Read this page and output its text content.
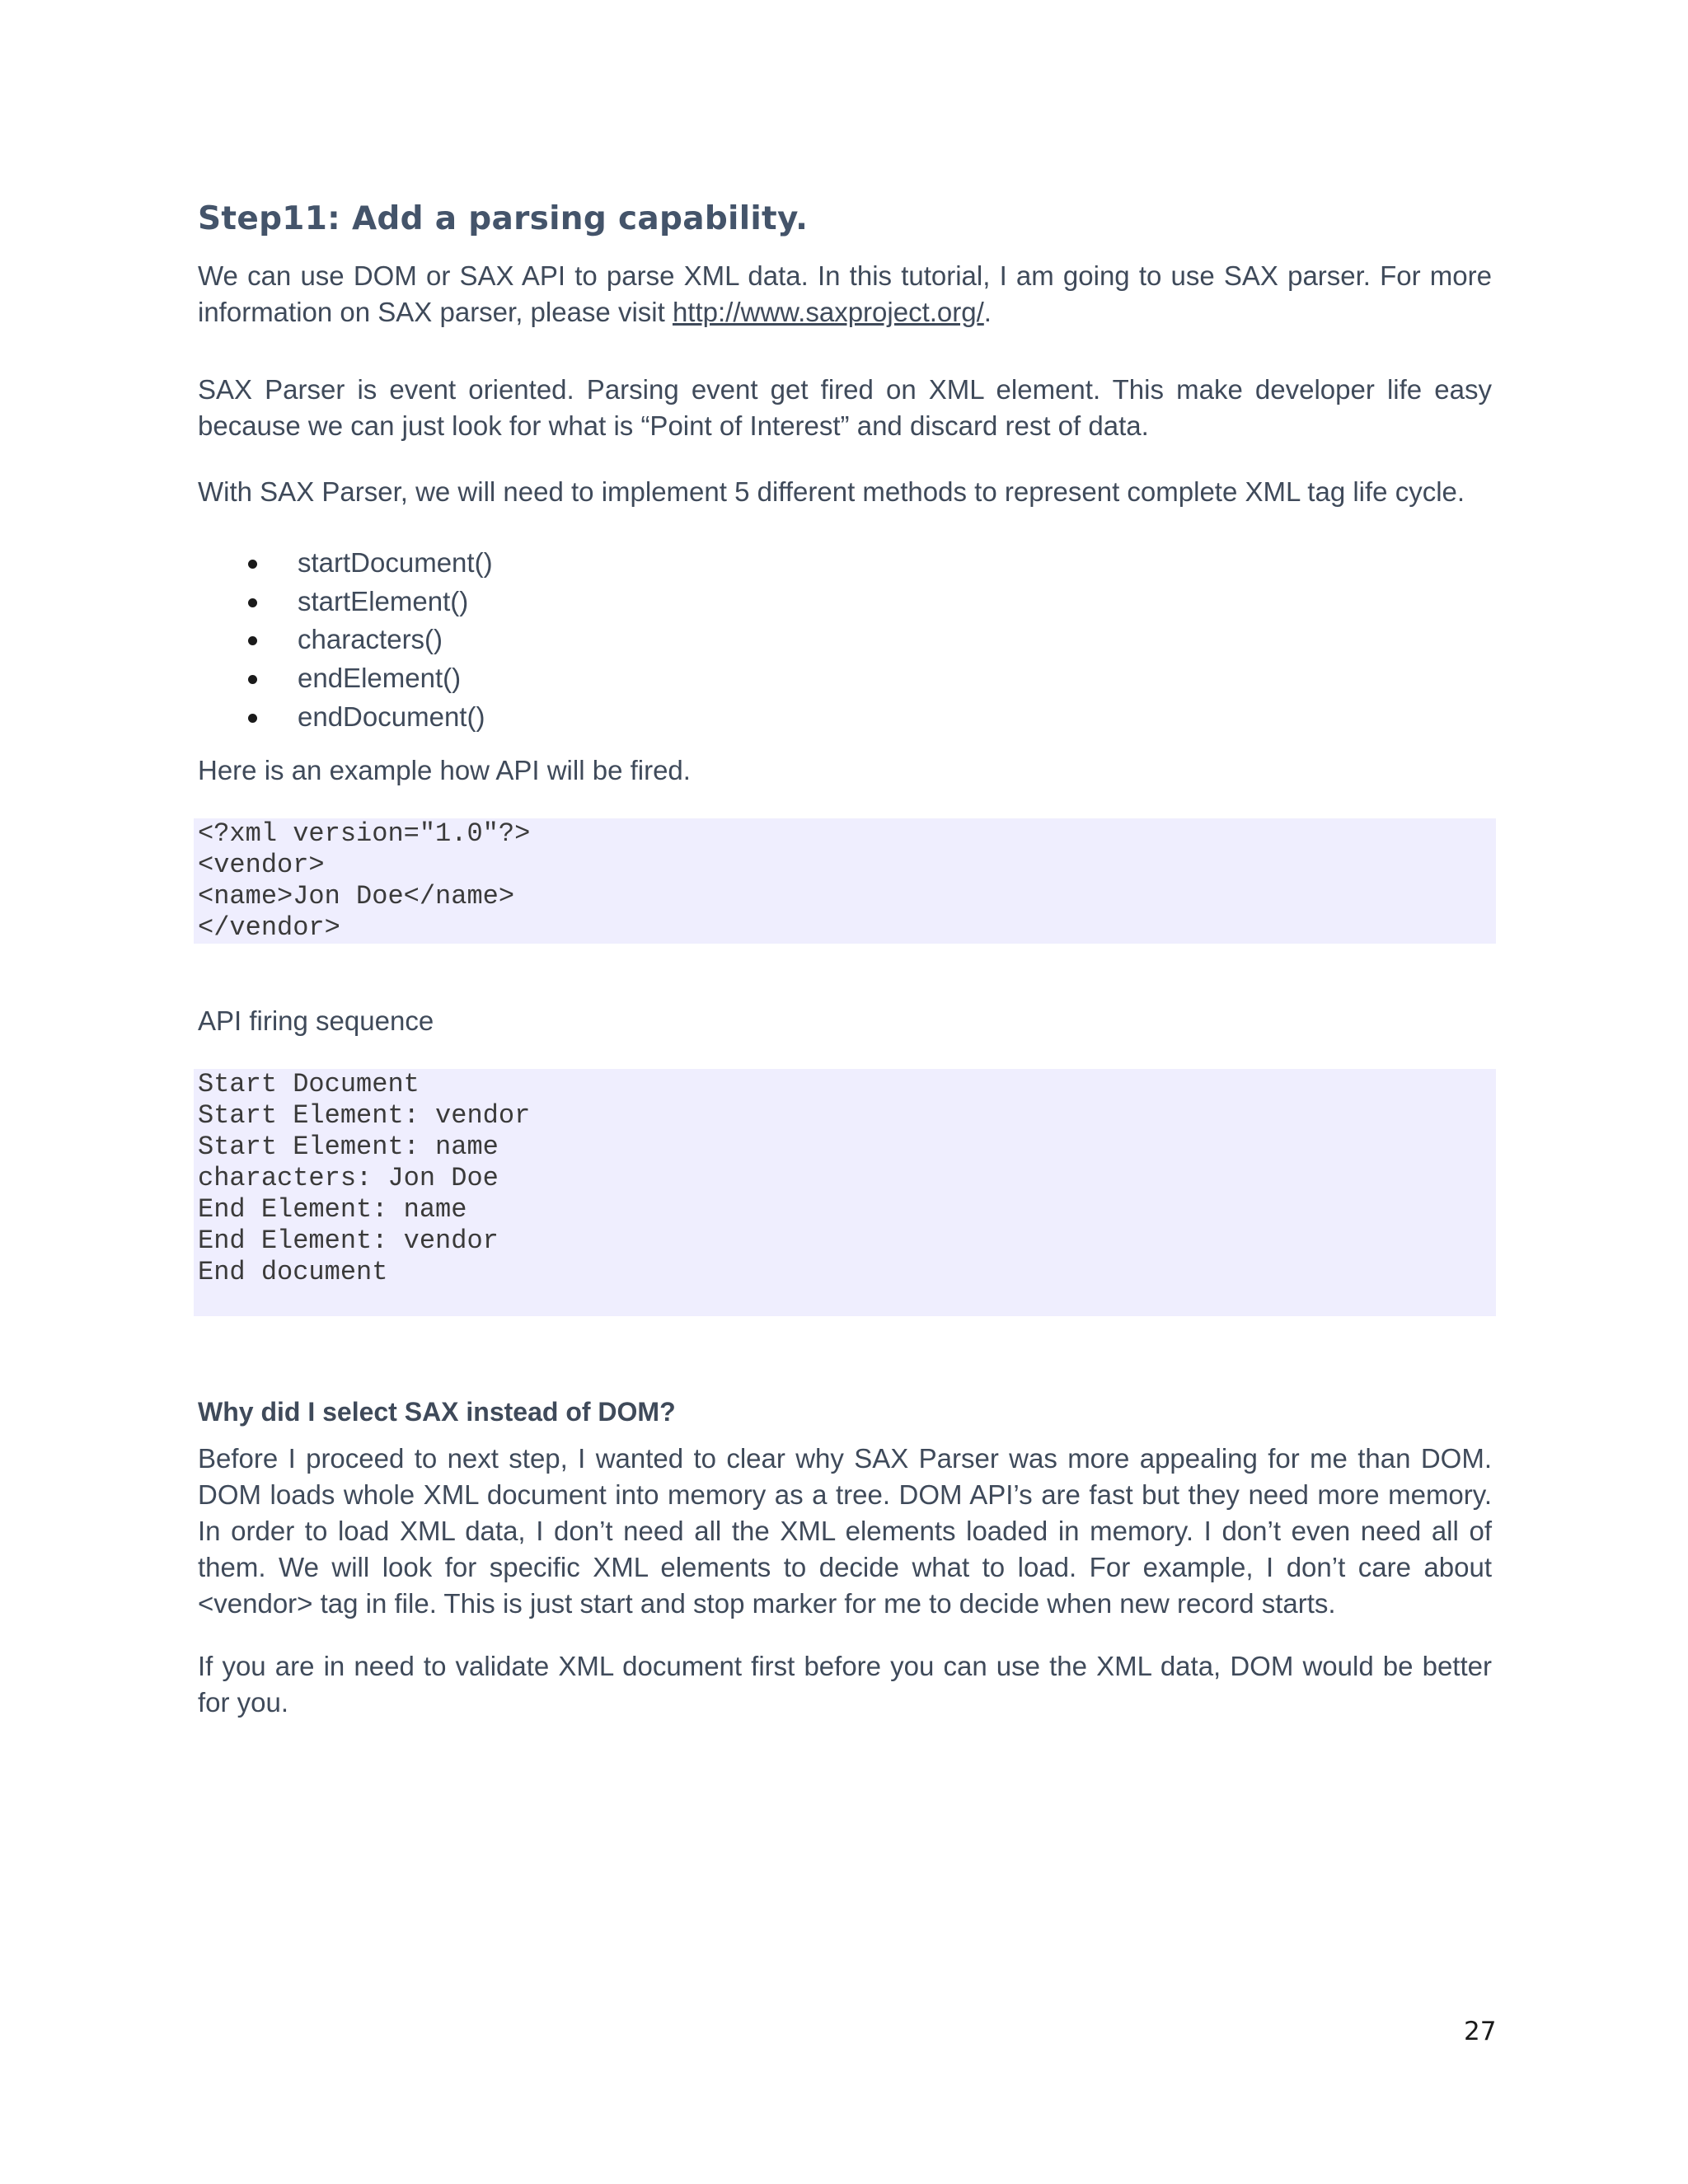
Step11: Add a parsing capability.

We can use DOM or SAX API to parse XML data. In this tutorial, I am going to use SAX parser. For more information on SAX parser, please visit http://www.saxproject.org/.

SAX Parser is event oriented. Parsing event get fired on XML element. This make developer life easy because we can just look for what is “Point of Interest” and discard rest of data.

With SAX Parser, we will need to implement 5 different methods to represent complete XML tag life cycle.

startDocument()
startElement()
characters()
endElement()
endDocument()

Here is an example how API will be fired.

<?xml version="1.0"?>
<vendor>
<name>Jon Doe</name>
</vendor>

API firing sequence

Start Document
Start Element: vendor
Start Element: name
characters: Jon Doe
End Element: name
End Element: vendor
End document
Why did I select SAX instead of DOM?

Before I proceed to next step, I wanted to clear why SAX Parser was more appealing for me than DOM. DOM loads whole XML document into memory as a tree. DOM API’s are fast but they need more memory. In order to load XML data, I don’t need all the XML elements loaded in memory. I don’t even need all of them. We will look for specific XML elements to decide what to load. For example, I don’t care about <vendor> tag in file. This is just start and stop marker for me to decide when new record starts.

If you are in need to validate XML document first before you can use the XML data, DOM would be better for you.

27
